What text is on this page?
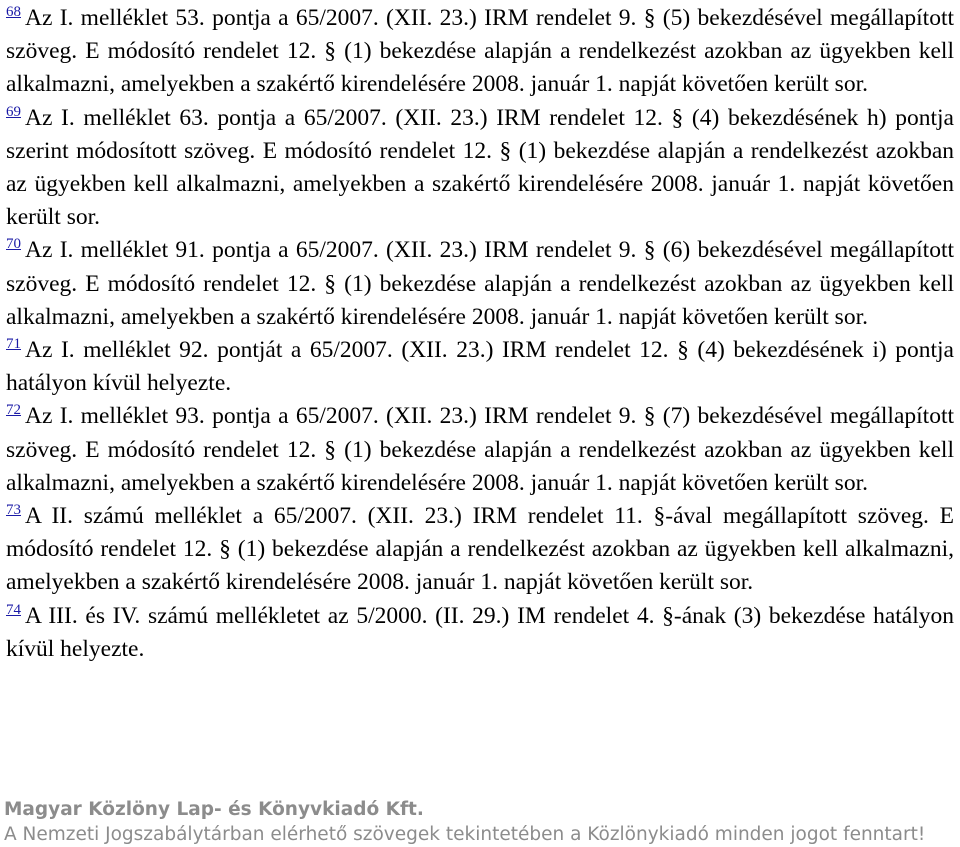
$^{68}$ Az I. melléklet 53. pontja a 65/2007. (XII. 23.) IRM rendelet 9. § (5) bekezdésével megállapított szöveg. E módosító rendelet 12. § (1) bekezdése alapján a rendelkezést azokban az ügyekben kell alkalmazni, amelyekben a szakértő kirendelésére 2008. január 1. napját követően került sor.

$^{69}$ Az I. melléklet 63. pontja a 65/2007. (XII. 23.) IRM rendelet 12. § (4) bekezdésének h) pontja szerint módosított szöveg. E módosító rendelet 12. § (1) bekezdése alapján a rendelkezést azokban az ügyekben kell alkalmazni, amelyekben a szakértő kirendelésére 2008. január 1. napját követően került sor.

$^{70}$ Az I. melléklet 91. pontja a 65/2007. (XII. 23.) IRM rendelet 9. § (6) bekezdésével megállapított szöveg. E módosító rendelet 12. § (1) bekezdése alapján a rendelkezést azokban az ügyekben kell alkalmazni, amelyekben a szakértő kirendelésére 2008. január 1. napját követően került sor.

$^{71}$ Az I. melléklet 92. pontját a 65/2007. (XII. 23.) IRM rendelet 12. § (4) bekezdésének i) pontja hatályon kívül helyezte.

$^{72}$ Az I. melléklet 93. pontja a 65/2007. (XII. 23.) IRM rendelet 9. § (7) bekezdésével megállapított szöveg. E módosító rendelet 12. § (1) bekezdése alapján a rendelkezést azokban az ügyekben kell alkalmazni, amelyekben a szakértő kirendelésére 2008. január 1. napját követően került sor.

$^{73}$ A II. számú melléklet a 65/2007. (XII. 23.) IRM rendelet 11. §-ával megállapított szöveg. E módosító rendelet 12. § (1) bekezdése alapján a rendelkezést azokban az ügyekben kell alkalmazni, amelyekben a szakértő kirendelésére 2008. január 1. napját követően került sor.

$^{74}$ A III. és IV. számú mellékletet az 5/2000. (II. 29.) IM rendelet 4. §-ának (3) bekezdése hatályon kívül helyezte.

Magyar Közlöny Lap- és Könyvkiadó Kft.
A Nemzeti Jogszabálytárban elérhető szövegek tekintetében a Közlönykiadó minden jogot fenntart!
